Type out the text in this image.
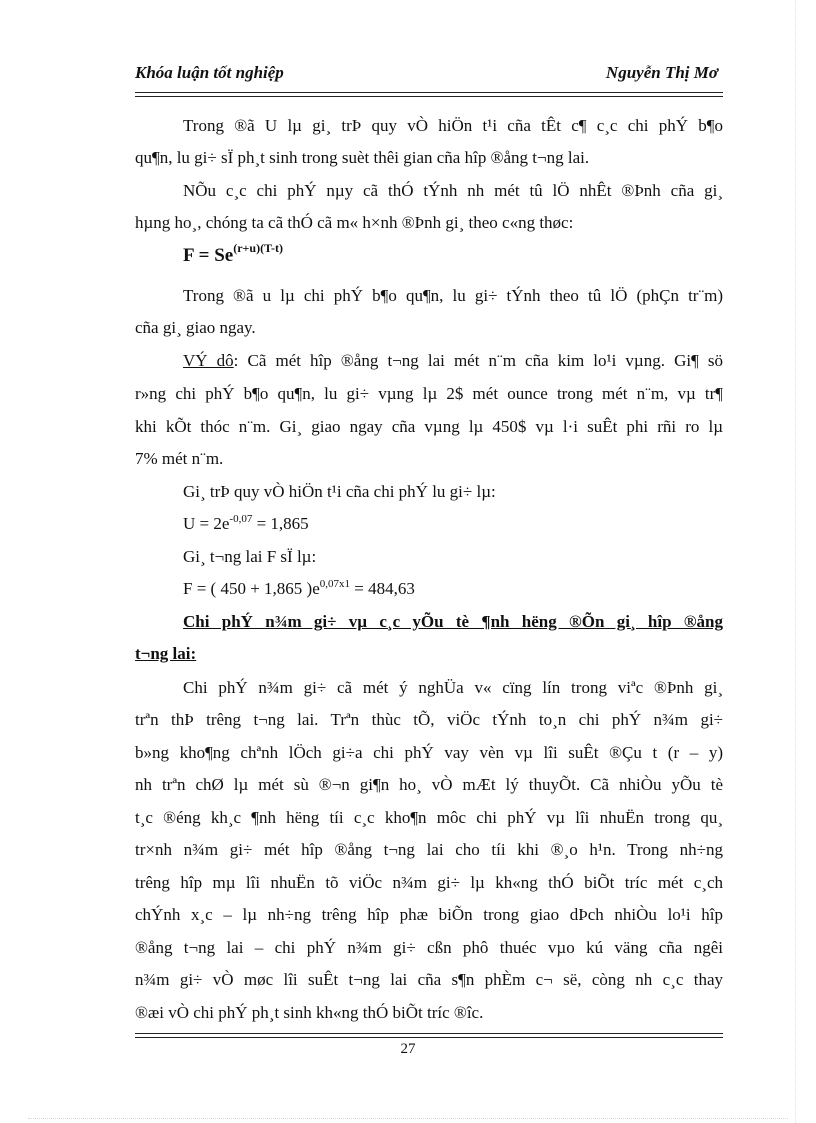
Khóa luận tốt nghiệp	Nguyễn Thị Mơ
Trong ®ã U lµ gi¸ trÞ quy vÒ hiÖn t¹i cña tÊt c¶ c¸c chi phÝ b¶o
qu¶n, lu gi÷ sÏ ph¸t sinh trong suèt thêi gian cña hîp ®ång t¬ng lai.
NÕu c¸c chi phÝ nµy cã thÓ tÝnh nh mét tû lÖ nhÊt ®Þnh cña gi¸
hµng ho¸, chóng ta cã thÓ cã m« h×nh ®Þnh gi¸ theo c«ng thøc:
$F = Se^{(r+u)(T-t)}$
Trong ®ã u lµ chi phÝ b¶o qu¶n, lu gi÷ tÝnh theo tû lÖ (phÇn tr¨m)
cña gi¸ giao ngay.
VÝ dô: Cã mét hîp ®ång t¬ng lai mét n¨m cña kim lo¹i vµng. Gi¶ sö
r»ng chi phÝ b¶o qu¶n, lu gi÷ vµng lµ 2$ mét ounce trong mét n¨m, vµ tr¶
khi kÕt thóc n¨m. Gi¸ giao ngay cña vµng lµ 450$ vµ l·i suÊt phi rñi ro lµ
7% mét n¨m.
Gi¸ trÞ quy vÒ hiÖn t¹i cña chi phÝ lu gi÷ lµ:
$U = 2e^{-0,07} = 1,865$
Gi¸ t¬ng lai F sÏ lµ:
F = ( 450 + 1,865 )$e^{0,07x1} = 484,63$
Chi phÝ n¾m gi÷ vµ c¸c yÕu tè ¶nh hëng ®Õn gi¸ hîp ®ång
t¬ng lai:
Chi phÝ n¾m gi÷ cã mét ý nghÜa v« cïng lín trong viªc ®Þnh gi¸
trªn thÞ trêng t¬ng lai. Trªn thùc tÕ, viÖc tÝnh to¸n chi phÝ n¾m gi÷
b»ng kho¶ng chªnh lÖch gi÷a chi phÝ vay vèn vµ lîi suÊt ®Çu t (r – y)
nh trªn chØ lµ mét sù ®¬n gi¶n ho¸ vÒ mÆt lý thuyÕt. Cã nhiÒu yÕu tè
t¸c ®éng kh¸c ¶nh hëng tíi c¸c kho¶n môc chi phÝ vµ lîi nhuËn trong qu¸
tr×nh n¾m gi÷ mét hîp ®ång t¬ng lai cho tíi khi ®¸o h¹n. Trong nh÷ng
trêng hîp mµ lîi nhuËn tõ viÖc n¾m gi÷ lµ kh«ng thÓ biÕt tríc mét c¸ch
chÝnh x¸c – lµ nh÷ng trêng hîp phæ biÕn trong giao dÞch nhiÒu lo¹i hîp
®ång t¬ng lai – chi phÝ n¾m gi÷ cßn phô thuéc vµo kú väng cña ngêi
n¾m gi÷ vÒ møc lîi suÊt t¬ng lai cña s¶n phÈm c¬ së, còng nh c¸c thay
®æi vÒ chi phÝ ph¸t sinh kh«ng thÓ biÕt tríc ®îc.
27
